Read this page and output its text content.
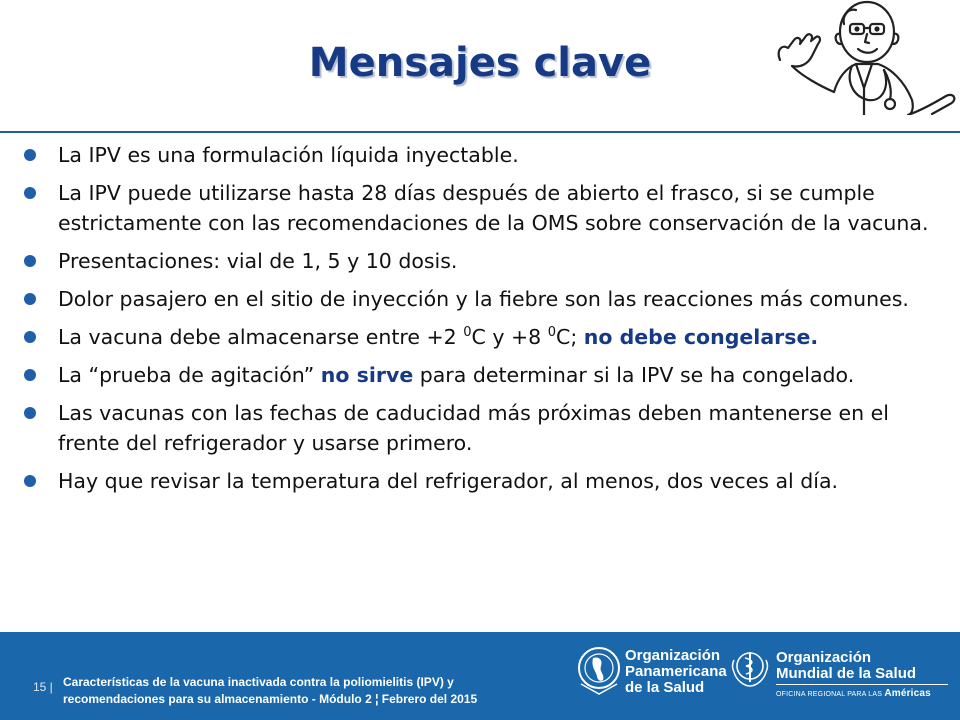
Mensajes clave
La IPV es una formulación líquida inyectable.
La IPV puede utilizarse hasta 28 días después de abierto el frasco, si se cumple estrictamente con las recomendaciones de la OMS sobre conservación de la vacuna.
Presentaciones: vial de 1, 5 y 10 dosis.
Dolor pasajero en el sitio de inyección y la fiebre son las reacciones más comunes.
La vacuna debe almacenarse entre +2 $^0$C y +8 $^0$C; no debe congelarse.
La “prueba de agitación” no sirve para determinar si la IPV se ha congelado.
Las vacunas con las fechas de caducidad más próximas deben mantenerse en el frente del refrigerador y usarse primero.
Hay que revisar la temperatura del refrigerador, al menos, dos veces al día.
15 | Características de la vacuna inactivada contra la poliomielitis (IPV) y
recomendaciones para su almacenamiento - Módulo 2 ¦ Febrero del 2015
Organización
Panamericana
de la Salud
Organización
Mundial de la Salud
OFICINA REGIONAL PARA LAS Américas
